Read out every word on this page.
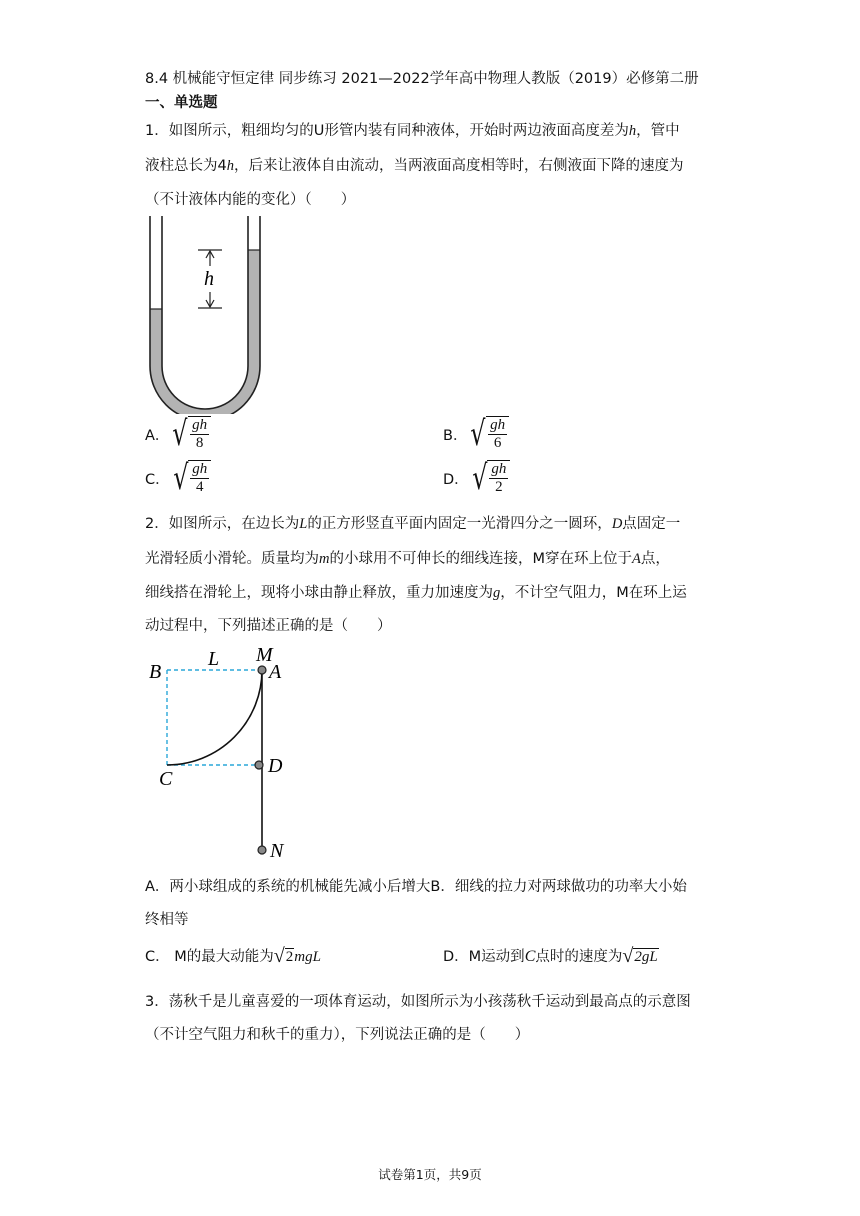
8.4 机械能守恒定律 同步练习 2021—2022学年高中物理人教版（2019）必修第二册
一、单选题
1．如图所示，粗细均匀的U形管内装有同种液体，开始时两边液面高度差为h，管中
液柱总长为4h，后来让液体自由流动，当两液面高度相等时，右侧液面下降的速度为
（不计液体内能的变化）（　　）
h
A． √ $\frac{gh}{8}$	B． √ $\frac{gh}{6}$
C． √ $\frac{gh}{4}$	D． √ $\frac{gh}{2}$
2．如图所示，在边长为L的正方形竖直平面内固定一光滑四分之一圆环，D点固定一
光滑轻质小滑轮。质量均为m的小球用不可伸长的细线连接，M穿在环上位于A点，
细线搭在滑轮上，现将小球由静止释放，重力加速度为g，不计空气阻力，M在环上运
动过程中，下列描述正确的是（　　）
B
L M
A
C
D
N
A．两小球组成的系统的机械能先减小后增大B．细线的拉力对两球做功的功率大小始
终相等
C． M的最大动能为 √ 2 mgL	D．M运动到 C 点时的速度为 √ 2gL
3．荡秋千是儿童喜爱的一项体育运动，如图所示为小孩荡秋千运动到最高点的示意图
（不计空气阻力和秋千的重力），下列说法正确的是（　　）
试卷第1页，共9页
